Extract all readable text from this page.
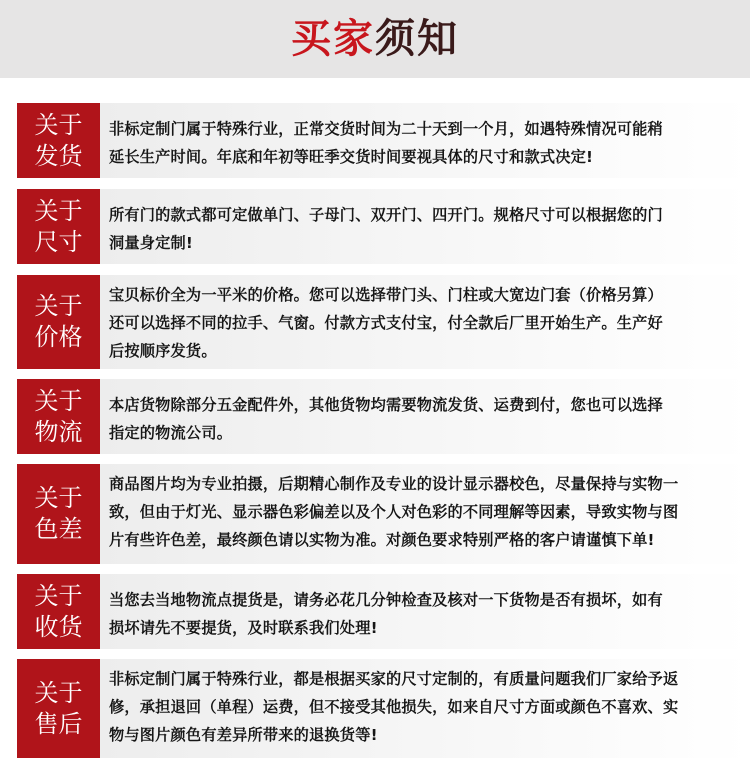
买家须知
关于
发货
非标定制门属于特殊行业，正常交货时间为二十天到一个月，如遇特殊情况可能稍
延长生产时间。年底和年初等旺季交货时间要视具体的尺寸和款式决定!
关于
尺寸
所有门的款式都可定做单门、子母门、双开门、四开门。规格尺寸可以根据您的门
洞量身定制!
关于
价格
宝贝标价全为一平米的价格。您可以选择带门头、门柱或大宽边门套（价格另算）
还可以选择不同的拉手、气窗。付款方式支付宝，付全款后厂里开始生产。生产好
后按顺序发货。
关于
物流
本店货物除部分五金配件外，其他货物均需要物流发货、运费到付，您也可以选择
指定的物流公司。
关于
色差
商品图片均为专业拍摄，后期精心制作及专业的设计显示器校色，尽量保持与实物一
致，但由于灯光、显示器色彩偏差以及个人对色彩的不同理解等因素，导致实物与图
片有些许色差，最终颜色请以实物为准。对颜色要求特别严格的客户请谨慎下单!
关于
收货
当您去当地物流点提货是，请务必花几分钟检查及核对一下货物是否有损坏，如有
损坏请先不要提货，及时联系我们处理!
关于
售后
非标定制门属于特殊行业，都是根据买家的尺寸定制的，有质量问题我们厂家给予返
修，承担退回（单程）运费，但不接受其他损失，如来自尺寸方面或颜色不喜欢、实
物与图片颜色有差异所带来的退换货等!
